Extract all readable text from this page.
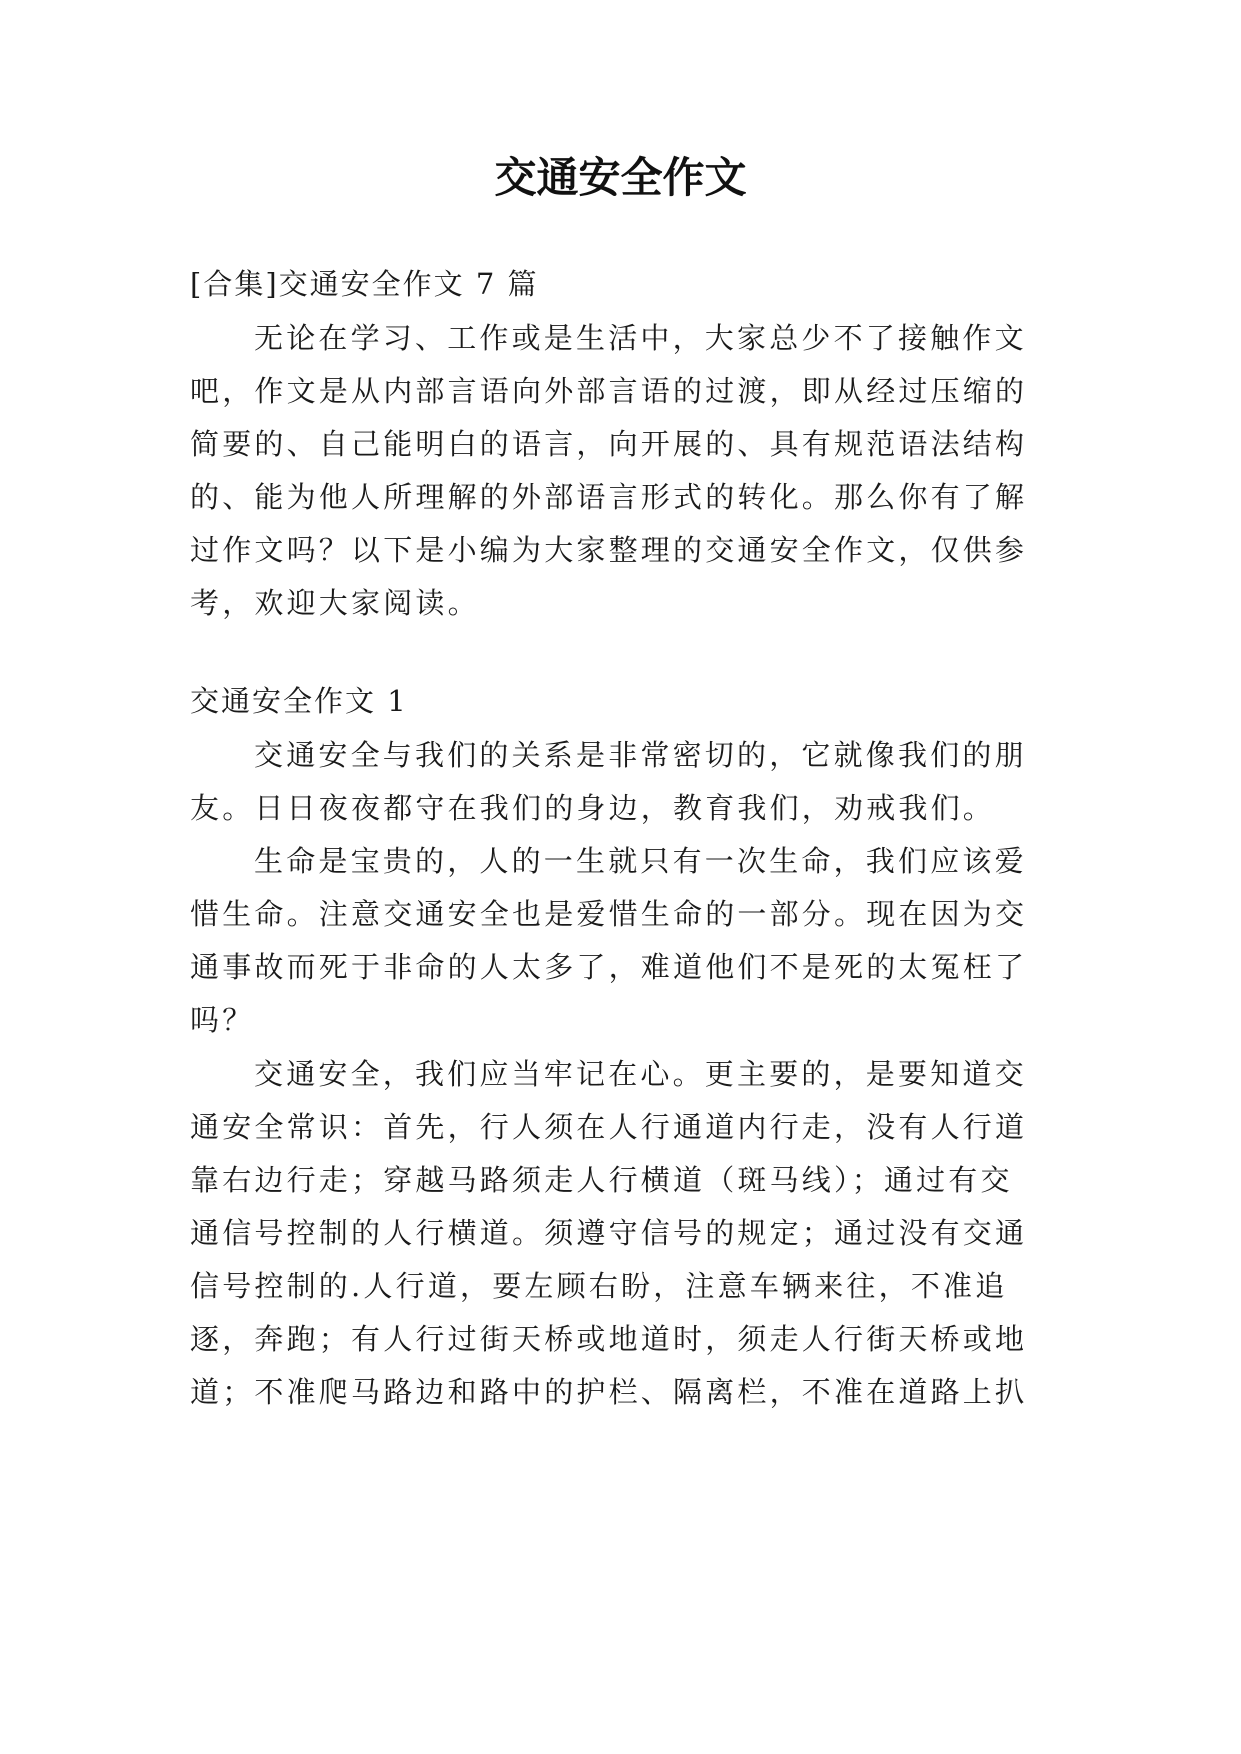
交通安全作文
[合集]交通安全作文 7 篇
无论在学习、工作或是生活中，大家总少不了接触作文
吧，作文是从内部言语向外部言语的过渡，即从经过压缩的
简要的、自己能明白的语言，向开展的、具有规范语法结构
的、能为他人所理解的外部语言形式的转化。那么你有了解
过作文吗？以下是小编为大家整理的交通安全作文，仅供参
考，欢迎大家阅读。
交通安全作文 1
交通安全与我们的关系是非常密切的，它就像我们的朋
友。日日夜夜都守在我们的身边，教育我们，劝戒我们。
生命是宝贵的，人的一生就只有一次生命，我们应该爱
惜生命。注意交通安全也是爱惜生命的一部分。现在因为交
通事故而死于非命的人太多了，难道他们不是死的太冤枉了
吗？
交通安全，我们应当牢记在心。更主要的，是要知道交
通安全常识：首先，行人须在人行通道内行走，没有人行道
靠右边行走；穿越马路须走人行横道（斑马线）；通过有交
通信号控制的人行横道。须遵守信号的规定；通过没有交通
信号控制的.人行道，要左顾右盼，注意车辆来往，不准追
逐，奔跑；有人行过街天桥或地道时，须走人行街天桥或地
道；不准爬马路边和路中的护栏、隔离栏，不准在道路上扒
